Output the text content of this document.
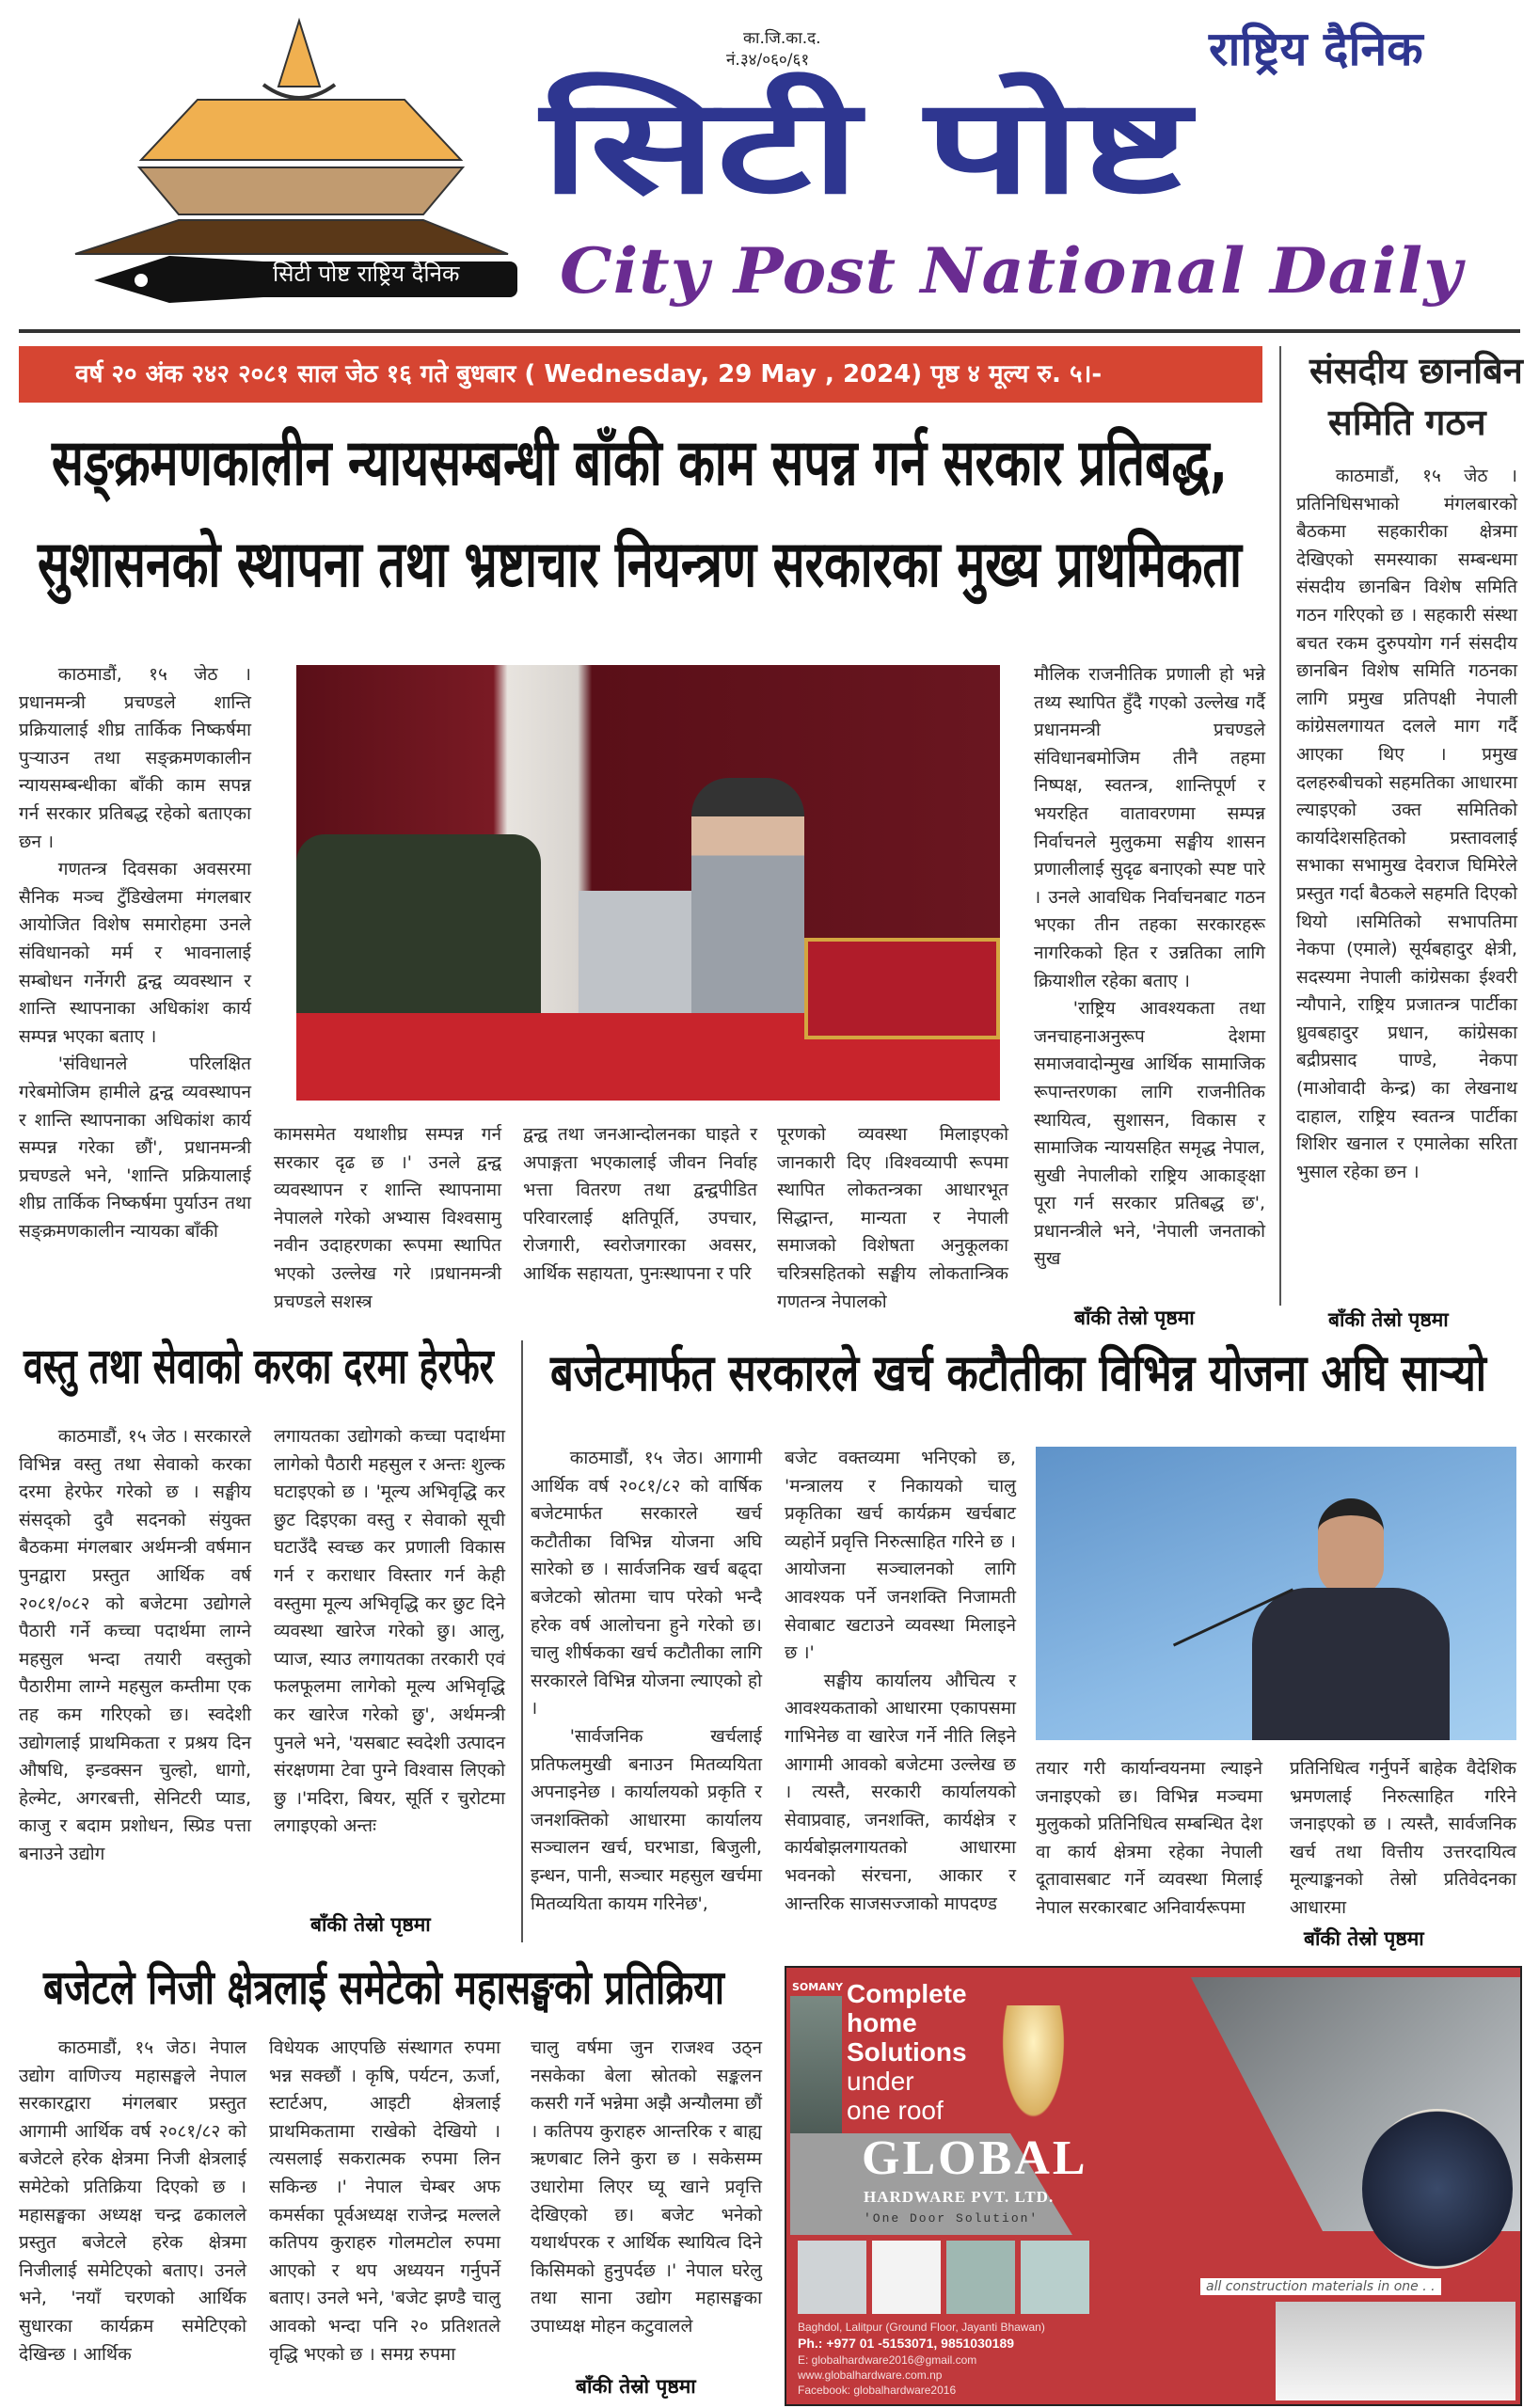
सिटी पोष्ट राष्ट्रिय दैनिक
का.जि.का.द.
नं.३४/०६०/६१
सिटी पोष्ट
राष्ट्रिय दैनिक
City Post National Daily
वर्ष २० अंक २४२ २०८१ साल जेठ १६ गते बुधबार ( Wednesday, 29 May , 2024) पृष्ठ ४ मूल्य रु. ५।-
सङ्क्रमणकालीन न्यायसम्बन्धी बाँकी काम सपन्न गर्न सरकार प्रतिबद्ध,
सुशासनको स्थापना तथा भ्रष्टाचार नियन्त्रण सरकारका मुख्य प्राथमिकता

काठमाडौं, १५ जेठ । प्रधानमन्त्री प्रचण्डले शान्ति प्रक्रियालाई शीघ्र तार्किक निष्कर्षमा पुऱ्याउन तथा सङ्क्रमणकालीन न्यायसम्बन्धीका बाँकी काम सपन्न गर्न सरकार प्रतिबद्ध रहेको बताएका छन ।

गणतन्त्र दिवसका अवसरमा सैनिक मञ्च टुँडिखेलमा मंगलबार आयोजित विशेष समारोहमा उनले संविधानको मर्म र भावनालाई सम्बोधन गर्नेगरी द्वन्द्व व्यवस्थान र शान्ति स्थापनाका अधिकांश कार्य सम्पन्न भएका बताए ।

'संविधानले परिलक्षित गरेबमोजिम हामीले द्वन्द्व व्यवस्थापन र शान्ति स्थापनाका अधिकांश कार्य सम्पन्न गरेका छौं', प्रधानमन्त्री प्रचण्डले भने, 'शान्ति प्रक्रियालाई शीघ्र तार्किक निष्कर्षमा पुर्याउन तथा सङ्क्रमणकालीन न्यायका बाँकी

कामसमेत यथाशीघ्र सम्पन्न गर्न सरकार दृढ छ ।' उनले द्वन्द्व व्यवस्थापन र शान्ति स्थापनामा नेपालले गरेको अभ्यास विश्वसामु नवीन उदाहरणका रूपमा स्थापित भएको उल्लेख गरे ।प्रधानमन्त्री प्रचण्डले सशस्त्र

द्वन्द्व तथा जनआन्दोलनका घाइते र अपाङ्गता भएकालाई जीवन निर्वाह भत्ता वितरण तथा द्वन्द्वपीडित परिवारलाई क्षतिपूर्ति, उपचार, रोजगारी, स्वरोजगारका अवसर, आर्थिक सहायता, पुनःस्थापना र परि

पूरणको व्यवस्था मिलाइएको जानकारी दिए ।विश्वव्यापी रूपमा स्थापित लोकतन्त्रका आधारभूत सिद्धान्त, मान्यता र नेपाली समाजको विशेषता अनुकूलका चरित्रसहितको सङ्घीय लोकतान्त्रिक गणतन्त्र नेपालको

मौलिक राजनीतिक प्रणाली हो भन्ने तथ्य स्थापित हुँदै गएको उल्लेख गर्दै प्रधानमन्त्री प्रचण्डले संविधानबमोजिम तीनै तहमा निष्पक्ष, स्वतन्त्र, शान्तिपूर्ण र भयरहित वातावरणमा सम्पन्न निर्वाचनले मुलुकमा सङ्घीय शासन प्रणालीलाई सुदृढ बनाएको स्पष्ट पारे । उनले आवधिक निर्वाचनबाट गठन भएका तीन तहका सरकारहरू नागरिकको हित र उन्नतिका लागि क्रियाशील रहेका बताए ।

'राष्ट्रिय आवश्यकता तथा जनचाहनाअनुरूप देशमा समाजवादोन्मुख आर्थिक सामाजिक रूपान्तरणका लागि राजनीतिक स्थायित्व, सुशासन, विकास र सामाजिक न्यायसहित समृद्ध नेपाल, सुखी नेपालीको राष्ट्रिय आकाङ्क्षा पूरा गर्न सरकार प्रतिबद्ध छ', प्रधानन्त्रीले भने, 'नेपाली जनताको सुख

बाँकी तेस्रो पृष्ठमा
संसदीय छानबिन
समिति गठन

काठमाडौं, १५ जेठ । प्रतिनिधिसभाको मंगलबारको बैठकमा सहकारीका क्षेत्रमा देखिएको समस्याका सम्बन्धमा संसदीय छानबिन विशेष समिति गठन गरिएको छ । सहकारी संस्था बचत रकम दुरुपयोग गर्न संसदीय छानबिन विशेष समिति गठनका लागि प्रमुख प्रतिपक्षी नेपाली कांग्रेसलगायत दलले माग गर्दै आएका थिए । प्रमुख दलहरुबीचको सहमतिका आधारमा ल्याइएको उक्त समितिको कार्यादेशसहितको प्रस्तावलाई सभाका सभामुख देवराज घिमिरेले प्रस्तुत गर्दा बैठकले सहमति दिएको थियो ।समितिको सभापतिमा नेकपा (एमाले) सूर्यबहादुर क्षेत्री, सदस्यमा नेपाली कांग्रेसका ईश्वरी न्यौपाने, राष्ट्रिय प्रजातन्त्र पार्टीका ध्रुवबहादुर प्रधान, कांग्रेसका बद्रीप्रसाद पाण्डे, नेकपा (माओवादी केन्द्र) का लेखनाथ दाहाल, राष्ट्रिय स्वतन्त्र पार्टीका शिशिर खनाल र एमालेका सरिता भुसाल रहेका छन ।

बाँकी तेस्रो पृष्ठमा
वस्तु तथा सेवाको करका दरमा हेरफेर

काठमाडौं, १५ जेठ । सरकारले विभिन्न वस्तु तथा सेवाको करका दरमा हेरफेर गरेको छ । सङ्घीय संसद्को दुवै सदनको संयुक्त बैठकमा मंगलबार अर्थमन्त्री वर्षमान पुनद्वारा प्रस्तुत आर्थिक वर्ष २०८१/०८२ को बजेटमा उद्योगले पैठारी गर्ने कच्चा पदार्थमा लाग्ने महसुल भन्दा तयारी वस्तुको पैठारीमा लाग्ने महसुल कम्तीमा एक तह कम गरिएको छ। स्वदेशी उद्योगलाई प्राथमिकता र प्रश्रय दिन औषधि, इन्डक्सन चुल्हो, धागो, हेल्मेट, अगरबत्ती, सेनिटरी प्याड, काजु र बदाम प्रशोधन, स्प्रिड पत्ता बनाउने उद्योग

लगायतका उद्योगको कच्चा पदार्थमा लागेको पैठारी महसुल र अन्तः शुल्क घटाइएको छ । 'मूल्य अभिवृद्धि कर छुट दिइएका वस्तु र सेवाको सूची घटाउँदै स्वच्छ कर प्रणाली विकास गर्न र कराधार विस्तार गर्न केही वस्तुमा मूल्य अभिवृद्धि कर छुट दिने व्यवस्था खारेज गरेको छु। आलु, प्याज, स्याउ लगायतका तरकारी एवं फलफूलमा लागेको मूल्य अभिवृद्धि कर खारेज गरेको छु', अर्थमन्त्री पुनले भने, 'यसबाट स्वदेशी उत्पादन संरक्षणमा टेवा पुग्ने विश्वास लिएको छु ।'मदिरा, बियर, सूर्ति र चुरोटमा लगाइएको अन्तः

बाँकी तेस्रो पृष्ठमा
बजेटमार्फत सरकारले खर्च कटौतीका विभिन्न योजना अघि सार्‍यो

काठमाडौं, १५ जेठ। आगामी आर्थिक वर्ष २०८१/८२ को वार्षिक बजेटमार्फत सरकारले खर्च कटौतीका विभिन्न योजना अघि सारेको छ । सार्वजनिक खर्च बढ्दा बजेटको स्रोतमा चाप परेको भन्दै हरेक वर्ष आलोचना हुने गरेको छ। चालु शीर्षकका खर्च कटौतीका लागि सरकारले विभिन्न योजना ल्याएको हो ।

'सार्वजनिक खर्चलाई प्रतिफलमुखी बनाउन मितव्ययिता अपनाइनेछ । कार्यालयको प्रकृति र जनशक्तिको आधारमा कार्यालय सञ्चालन खर्च, घरभाडा, बिजुली, इन्धन, पानी, सञ्चार महसुल खर्चमा मितव्ययिता कायम गरिनेछ',

बजेट वक्तव्यमा भनिएको छ, 'मन्त्रालय र निकायको चालु प्रकृतिका खर्च कार्यक्रम खर्चबाट व्यहोर्ने प्रवृत्ति निरुत्साहित गरिने छ । आयोजना सञ्चालनको लागि आवश्यक पर्ने जनशक्ति निजामती सेवाबाट खटाउने व्यवस्था मिलाइने छ ।'

सङ्घीय कार्यालय औचित्य र आवश्यकताको आधारमा एकापसमा गाभिनेछ वा खारेज गर्ने नीति लिइने आगामी आवको बजेटमा उल्लेख छ । त्यस्तै, सरकारी कार्यालयको सेवाप्रवाह, जनशक्ति, कार्यक्षेत्र र कार्यबोझलगायतको आधारमा भवनको संरचना, आकार र आन्तरिक साजसज्जाको मापदण्ड

तयार गरी कार्यान्वयनमा ल्याइने जनाइएको छ। विभिन्न मञ्चमा मुलुकको प्रतिनिधित्व सम्बन्धित देश वा कार्य क्षेत्रमा रहेका नेपाली दूतावासबाट गर्ने व्यवस्था मिलाई नेपाल सरकारबाट अनिवार्यरूपमा

प्रतिनिधित्व गर्नुपर्ने बाहेक वैदेशिक भ्रमणलाई निरुत्साहित गरिने जनाइएको छ । त्यस्तै, सार्वजनिक खर्च तथा वित्तीय उत्तरदायित्व मूल्याङ्कनको तेस्रो प्रतिवेदनका आधारमा

बाँकी तेस्रो पृष्ठमा
बजेटले निजी क्षेत्रलाई समेटेको महासङ्घको प्रतिक्रिया

काठमाडौं, १५ जेठ। नेपाल उद्योग वाणिज्य महासङ्घले नेपाल सरकारद्वारा मंगलबार प्रस्तुत आगामी आर्थिक वर्ष २०८१/८२ को बजेटले हरेक क्षेत्रमा निजी क्षेत्रलाई समेटेको प्रतिक्रिया दिएको छ । महासङ्घका अध्यक्ष चन्द्र ढकालले प्रस्तुत बजेटले हरेक क्षेत्रमा निजीलाई समेटिएको बताए। उनले भने, 'नयाँ चरणको आर्थिक सुधारका कार्यक्रम समेटिएको देखिन्छ । आर्थिक

विधेयक आएपछि संस्थागत रुपमा भन्न सक्छौं । कृषि, पर्यटन, ऊर्जा, स्टार्टअप, आइटी क्षेत्रलाई प्राथमिकतामा राखेको देखियो । त्यसलाई सकरात्मक रुपमा लिन सकिन्छ ।' नेपाल चेम्बर अफ कमर्सका पूर्वअध्यक्ष राजेन्द्र मल्लले कतिपय कुराहरु गोलमटोल रुपमा आएको र थप अध्ययन गर्नुपर्ने बताए। उनले भने, 'बजेट झण्डै चालु आवको भन्दा पनि २० प्रतिशतले वृद्धि भएको छ । समग्र रुपमा

चालु वर्षमा जुन राजश्व उठ्न नसकेका बेला स्रोतको सङ्कलन कसरी गर्ने भन्नेमा अझै अन्यौलमा छौं । कतिपय कुराहरु आन्तरिक र बाह्य ऋणबाट लिने कुरा छ । सकेसम्म उधारोमा लिएर घ्यू खाने प्रवृत्ति देखिएको छ। बजेट भनेको यथार्थपरक र आर्थिक स्थायित्व दिने किसिमको हुनुपर्दछ ।' नेपाल घरेलु तथा साना उद्योग महासङ्घका उपाध्यक्ष मोहन कटुवालले

बाँकी तेस्रो पृष्ठमा
SOMANY Complete
home
Solutions
under
one roof
GLOBAL
HARDWARE PVT. LTD.
'One Door Solution'
all construction materials in one . .
Baghdol, Lalitpur (Ground Floor, Jayanti Bhawan)
Ph.: +977 01 -5153071, 9851030189
E: globalhardware2016@gmail.com
www.globalhardware.com.np
Facebook: globalhardware2016
